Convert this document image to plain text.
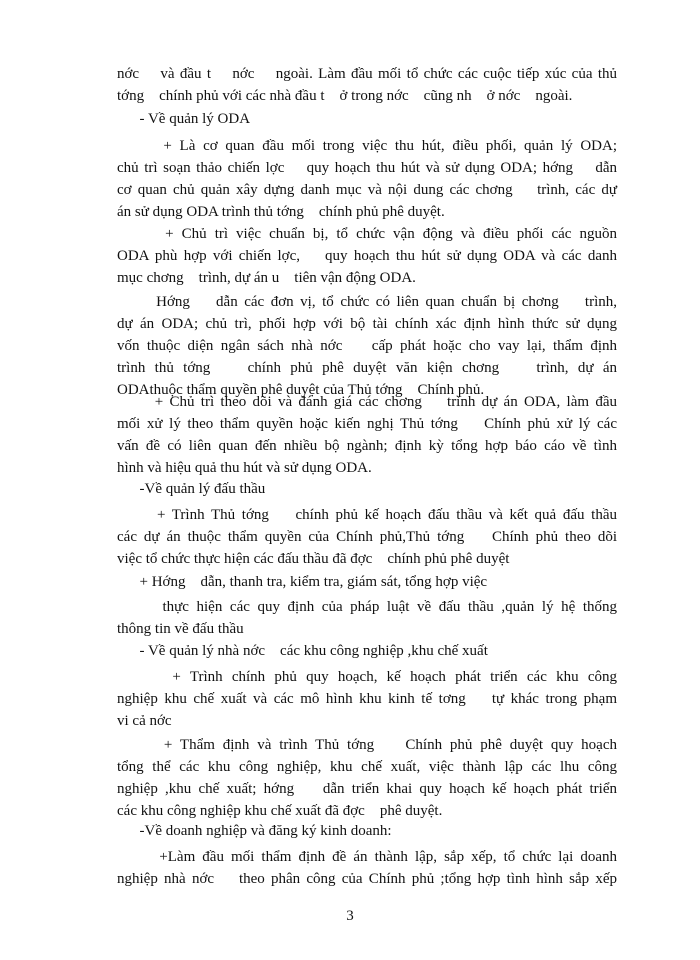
nớc    và đầu t    nớc    ngoài. Làm đầu mối tổ chức các cuộc tiếp xúc của thủ
tớng    chính phủ với các nhà đầu t    ở trong nớc    cũng nh    ở nớc    ngoài.
- Về quản lý ODA
+ Là cơ quan đầu mối trong việc thu hút, điều phối, quản lý ODA;
chủ trì soạn thảo chiến lợc    quy hoạch thu hút và sử dụng ODA; hớng    dẫn
cơ quan chủ quản xây dựng danh mục và nội dung các chơng    trình, các dự
án sử dụng ODA trình thủ tớng    chính phủ phê duyệt.
+ Chủ trì việc chuẩn bị, tổ chức vận động và điều phối các nguồn
ODA phù hợp với chiến lợc,    quy hoạch thu hút sử dụng ODA và các danh
mục chơng    trình, dự án u    tiên vận động ODA.
Hớng    dẫn các đơn vị, tổ chức có liên quan chuẩn bị chơng    trình,
dự án ODA; chủ trì, phối hợp với bộ tài chính xác định hình thức sử dụng
vốn thuộc diện ngân sách nhà nớc    cấp phát hoặc cho vay lại, thẩm định
trình thủ tớng    chính phủ phê duyệt văn kiện chơng    trình, dự án
ODAthuộc thẩm quyền phê duyệt của Thủ tớng    Chính phủ.
+ Chủ trì theo dõi và đánh giá các chơng    trình dự án ODA, làm đầu
mối xử lý theo thẩm quyền hoặc kiến nghị Thủ tớng    Chính phủ xử lý các
vấn đề có liên quan đến nhiều bộ ngành; định kỳ tổng hợp báo cáo về tình
hình và hiệu quả thu hút và sử dụng ODA.
-Về quản lý đấu thầu
+ Trình Thủ tớng    chính phủ kế hoạch đấu thầu và kết quả đấu thầu
các dự án thuộc thẩm quyền của Chính phủ,Thủ tớng    Chính phủ theo dõi
việc tổ chức thực hiện các đấu thầu đã đợc    chính phủ phê duyệt
+ Hớng    dẫn, thanh tra, kiểm tra, giám sát, tổng hợp việc
thực hiện các quy định của pháp luật về đấu thầu ,quản lý hệ thống
thông tin về đấu thầu
- Về quản lý nhà nớc    các khu công nghiệp ,khu chế xuất
+ Trình chính phủ quy hoạch, kế hoạch phát triển các khu công
nghiệp khu chế xuất và các mô hình khu kinh tế tơng    tự khác trong phạm
vi cả nớc
+ Thẩm định và trình Thủ tớng    Chính phủ phê duyệt quy hoạch
tổng thể các khu công nghiệp, khu chế xuất, việc thành lập các lhu công
nghiệp ,khu chế xuất; hớng    dẫn triển khai quy hoạch kế hoạch phát triển
các khu công nghiệp khu chế xuất đã đợc    phê duyệt.
-Về doanh nghiệp và đăng ký kinh doanh:
+Làm đầu mối thẩm định đề án thành lập, sắp xếp, tổ chức lại doanh
nghiệp nhà nớc    theo phân công của Chính phủ ;tổng hợp tình hình sắp xếp
3
